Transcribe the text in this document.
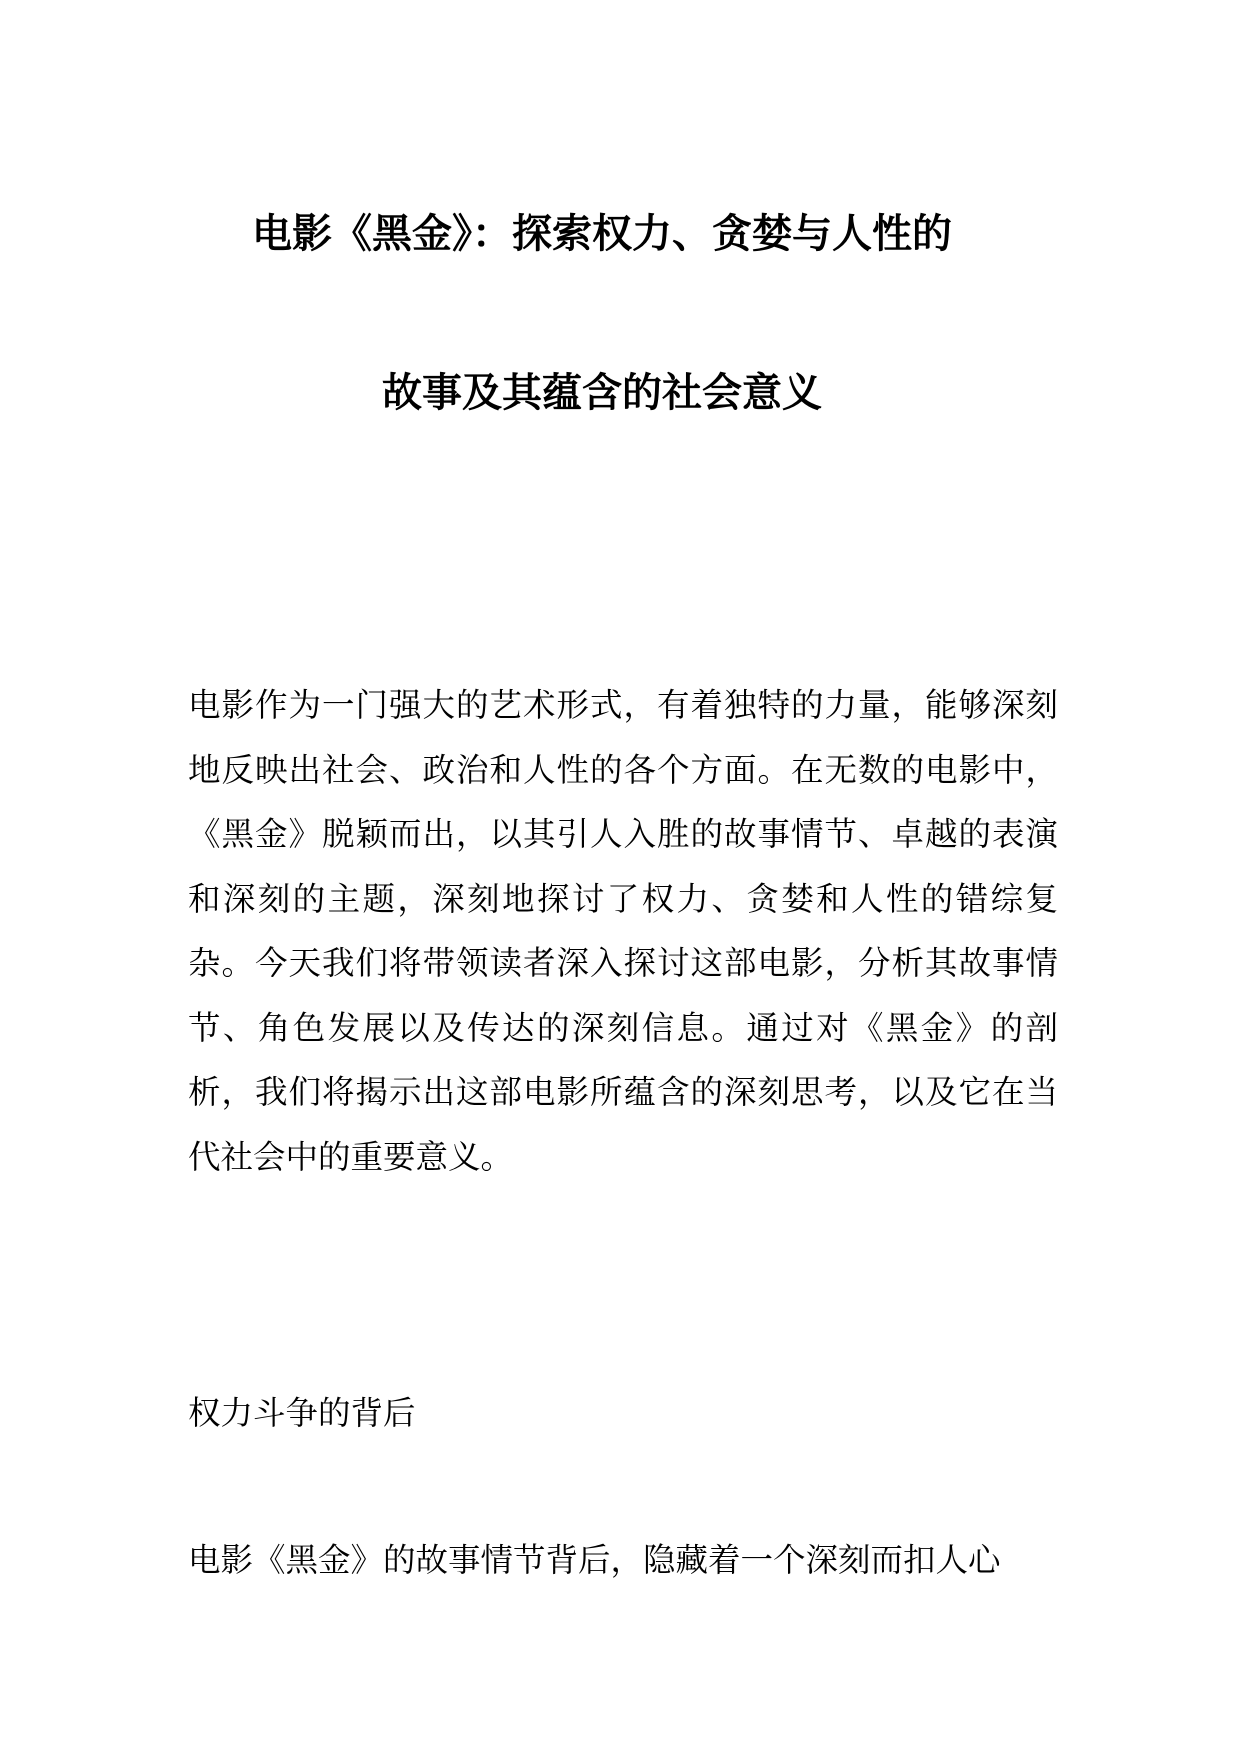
电影《黑金》：探索权力、贪婪与人性的
故事及其蕴含的社会意义

电影作为一门强大的艺术形式，有着独特的力量，能够深刻地反映出社会、政治和人性的各个方面。在无数的电影中，《黑金》脱颖而出，以其引人入胜的故事情节、卓越的表演和深刻的主题，深刻地探讨了权力、贪婪和人性的错综复杂。今天我们将带领读者深入探讨这部电影，分析其故事情节、角色发展以及传达的深刻信息。通过对《黑金》的剖析，我们将揭示出这部电影所蕴含的深刻思考，以及它在当代社会中的重要意义。

权力斗争的背后

电影《黑金》的故事情节背后，隐藏着一个深刻而扣人心
